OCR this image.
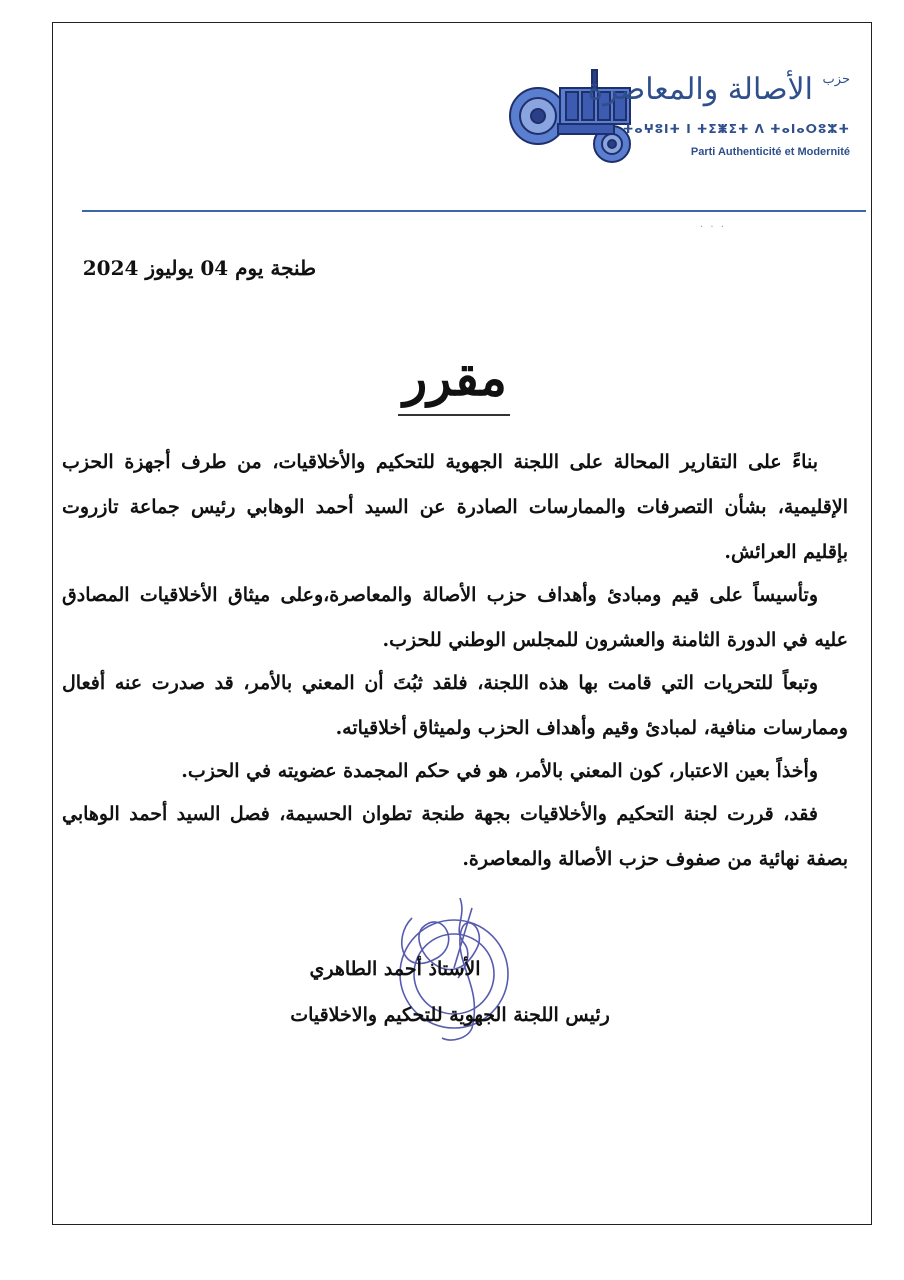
$^{حزب}$ الأصالة والمعاصرة
ⵜⴰⵖⵓⵏⵜ ⵏ ⵜⵉⵥⵉⵜ ⴷ ⵜⴰⵏⴰⵔⵓⵣⵜ
Parti Authenticité et Modernité
· · ·
طنجة يوم 04 يوليوز 2024
مقرر

بناءً على التقارير المحالة على اللجنة الجهوية للتحكيم والأخلاقيات، من طرف أجهزة الحزب الإقليمية، بشأن التصرفات والممارسات الصادرة عن السيد أحمد الوهابي رئيس جماعة تازروت بإقليم العرائش.

وتأسيساً على قيم ومبادئ وأهداف حزب الأصالة والمعاصرة،وعلى ميثاق الأخلاقيات المصادق عليه في الدورة الثامنة والعشرون للمجلس الوطني للحزب.

وتبعاً للتحريات التي قامت بها هذه اللجنة، فلقد ثبُتَ أن المعني بالأمر، قد صدرت عنه أفعال وممارسات منافية، لمبادئ وقيم وأهداف الحزب ولميثاق أخلاقياته.

وأخذاً بعين الاعتبار، كون المعني بالأمر، هو في حكم المجمدة عضويته في الحزب.

فقد، قررت لجنة التحكيم والأخلاقيات بجهة طنجة تطوان الحسيمة، فصل السيد أحمد الوهابي بصفة نهائية من صفوف حزب الأصالة والمعاصرة.

الأستاذ أحمد الطاهري
رئيس اللجنة الجهوية للتحكيم والاخلاقيات
